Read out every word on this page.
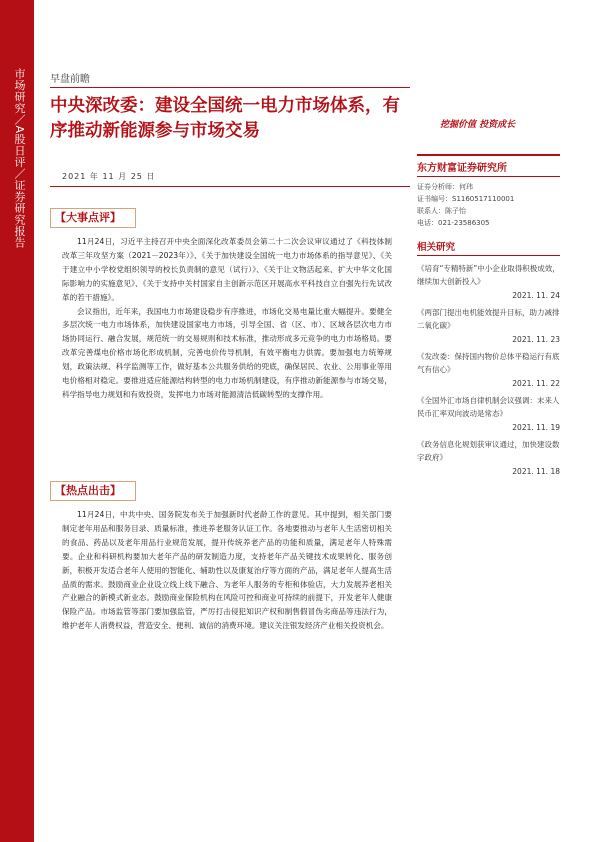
市场研究／A股日评／证券研究报告 早盘前瞻
中央深改委：建设全国统一电力市场体系，有序推动新能源参与市场交易	挖掘价值 投资成长
2021 年 11 月 25 日
东方财富证券研究所
证券分析师：何玮
证书编号：S1160517110001
联系人：陈子怡
电话：021-23586305
相关研究
《培育“专精特新”中小企业取得积极成效，继续加大创新投入》
2021. 11. 24
《两部门提出电机能效提升目标，助力减排二氧化碳》
2021. 11. 23
《发改委：保持国内物价总体平稳运行有底气有信心》
2021. 11. 22
《全国外汇市场自律机制会议强调：末来人民币汇率双向波动是常态》
2021. 11. 19
《政务信息化规划获审议通过，加快建设数字政府》
2021. 11. 18
【大事点评】

11月24日，习近平主持召开中央全面深化改革委员会第二十二次会议审议通过了《科技体制改革三年攻坚方案（2021－2023年）》、《关于加快建设全国统一电力市场体系的指导意见》、《关于建立中小学校党组织领导的校长负责制的意见（试行）》、《关于让文物活起来、扩大中华文化国际影响力的实施意见》、《关于支持中关村国家自主创新示范区开展高水平科技自立自强先行先试改革的若干措施》。

会议指出，近年来，我国电力市场建设稳步有序推进，市场化交易电量比重大幅提升。要健全多层次统一电力市场体系，加快建设国家电力市场，引导全国、省（区、市）、区域各层次电力市场协同运行、融合发展，规范统一的交易规则和技术标准，推动形成多元竞争的电力市场格局。要改革完善煤电价格市场化形成机制，完善电价传导机制，有效平衡电力供需。要加强电力统筹规划，政策法规、科学监测等工作，做好基本公共服务供给的兜底，确保居民、农业、公用事业等用电价格相对稳定。要推进适应能源结构转型的电力市场机制建设，有序推动新能源参与市场交易，科学指导电力规划和有效投资，发挥电力市场对能源清洁低碳转型的支撑作用。

【热点出击】

11月24日，中共中央、国务院发布关于加强新时代老龄工作的意见。其中提到，相关部门要制定老年用品和服务目录、质量标准，推进养老服务认证工作。各地要推动与老年人生活密切相关的食品、药品以及老年用品行业规范发展，提升传统养老产品的功能和质量，满足老年人特殊需要。企业和科研机构要加大老年产品的研发制造力度，支持老年产品关键技术成果转化、服务创新，积极开发适合老年人使用的智能化、辅助性以及康复治疗等方面的产品，满足老年人提高生活品质的需求。鼓励商业企业设立线上线下融合、为老年人服务的专柜和体验店，大力发展养老相关产业融合的新模式新业态。鼓励商业保险机构在风险可控和商业可持续的前提下，开发老年人健康保险产品。市场监管等部门要加强监管，严厉打击侵犯知识产权和制售假冒伪劣商品等违法行为，维护老年人消费权益，营造安全、便利、诚信的消费环境。建议关注银发经济产业相关投资机会。
